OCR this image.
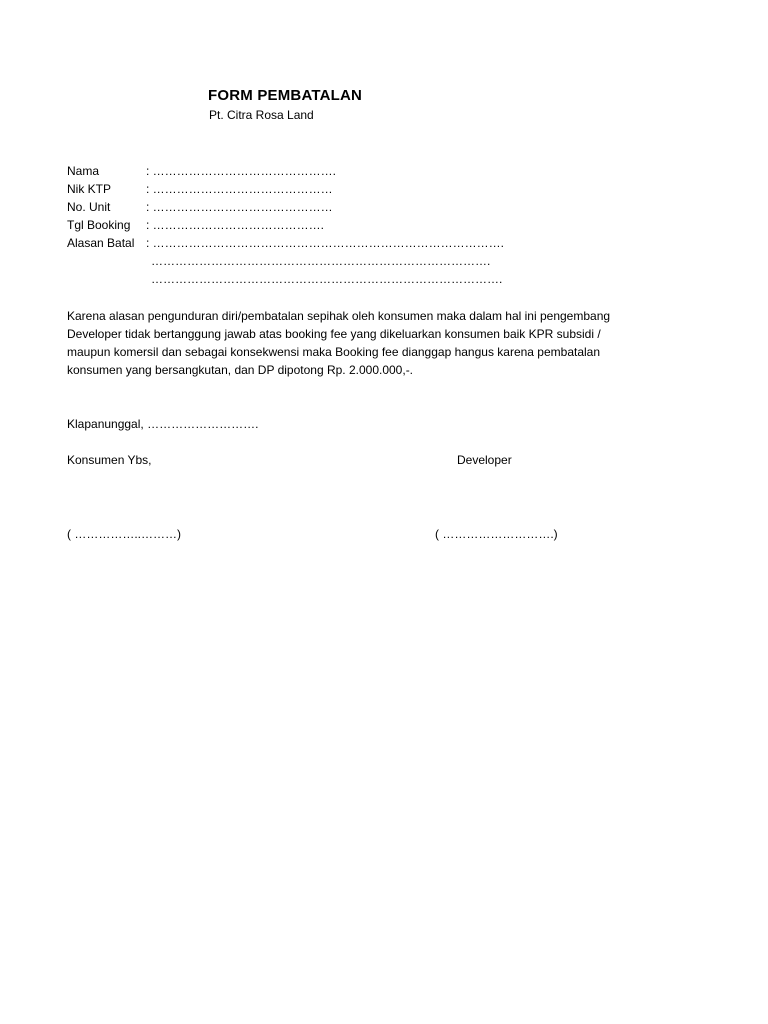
FORM PEMBATALAN
Pt. Citra Rosa Land
Nama	: ……………………………………….
Nik KTP	: ………………………………………
No. Unit	: ………………………………………
Tgl Booking : …………………………………….
Alasan Batal : …………………………………………………………………………….
………………………………………………………………………….
…………………………………………………………………………….
Karena alasan pengunduran diri/pembatalan sepihak oleh konsumen maka dalam hal ini pengembang
Developer tidak bertanggung jawab atas booking fee yang dikeluarkan konsumen baik KPR subsidi /
maupun komersil dan sebagai konsekwensi maka Booking fee dianggap hangus karena pembatalan
konsumen yang bersangkutan, dan DP dipotong Rp. 2.000.000,-.
Klapanunggal, ……………………….
Konsumen Ybs,	Developer
( ……………..………)	( ……………………….)
